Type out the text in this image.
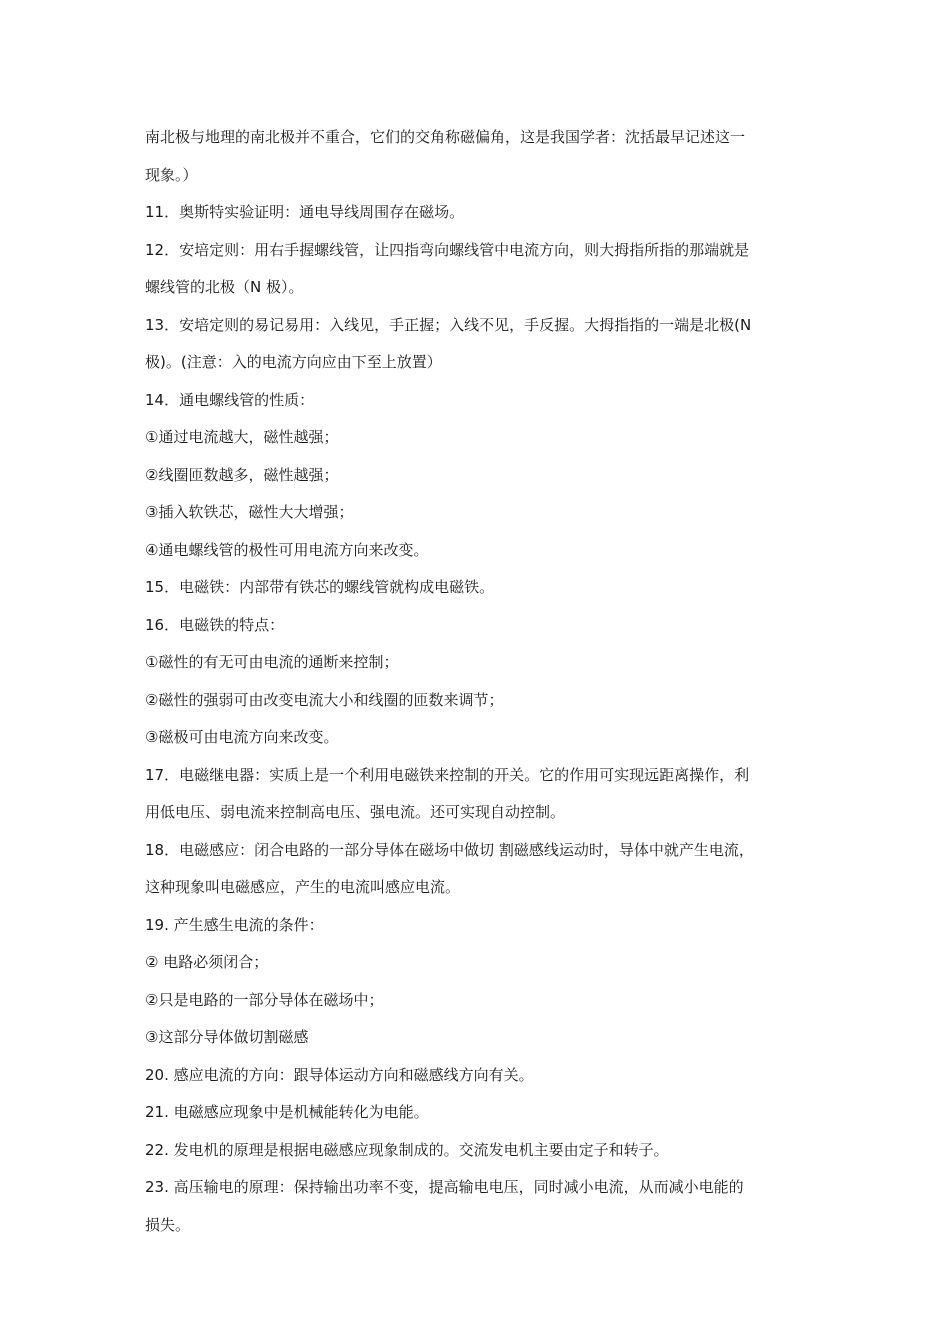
南北极与地理的南北极并不重合，它们的交角称磁偏角，这是我国学者：沈括最早记述这一
现象。）
11．奥斯特实验证明：通电导线周围存在磁场。
12．安培定则：用右手握螺线管，让四指弯向螺线管中电流方向，则大拇指所指的那端就是
螺线管的北极（N 极）。
13．安培定则的易记易用：入线见，手正握；入线不见，手反握。大拇指指的一端是北极(N
极)。(注意：入的电流方向应由下至上放置）
14．通电螺线管的性质：
①通过电流越大，磁性越强；
②线圈匝数越多，磁性越强；
③插入软铁芯，磁性大大增强；
④通电螺线管的极性可用电流方向来改变。
15．电磁铁：内部带有铁芯的螺线管就构成电磁铁。
16．电磁铁的特点：
①磁性的有无可由电流的通断来控制；
②磁性的强弱可由改变电流大小和线圈的匝数来调节；
③磁极可由电流方向来改变。
17．电磁继电器：实质上是一个利用电磁铁来控制的开关。它的作用可实现远距离操作，利
用低电压、弱电流来控制高电压、强电流。还可实现自动控制。
18．电磁感应：闭合电路的一部分导体在磁场中做切 割磁感线运动时，导体中就产生电流，
这种现象叫电磁感应，产生的电流叫感应电流。
19. 产生感生电流的条件：
② 电路必须闭合；
②只是电路的一部分导体在磁场中；
③这部分导体做切割磁感
20. 感应电流的方向：跟导体运动方向和磁感线方向有关。
21. 电磁感应现象中是机械能转化为电能。
22. 发电机的原理是根据电磁感应现象制成的。交流发电机主要由定子和转子。
23. 高压输电的原理：保持输出功率不变，提高输电电压，同时减小电流，从而减小电能的
损失。
